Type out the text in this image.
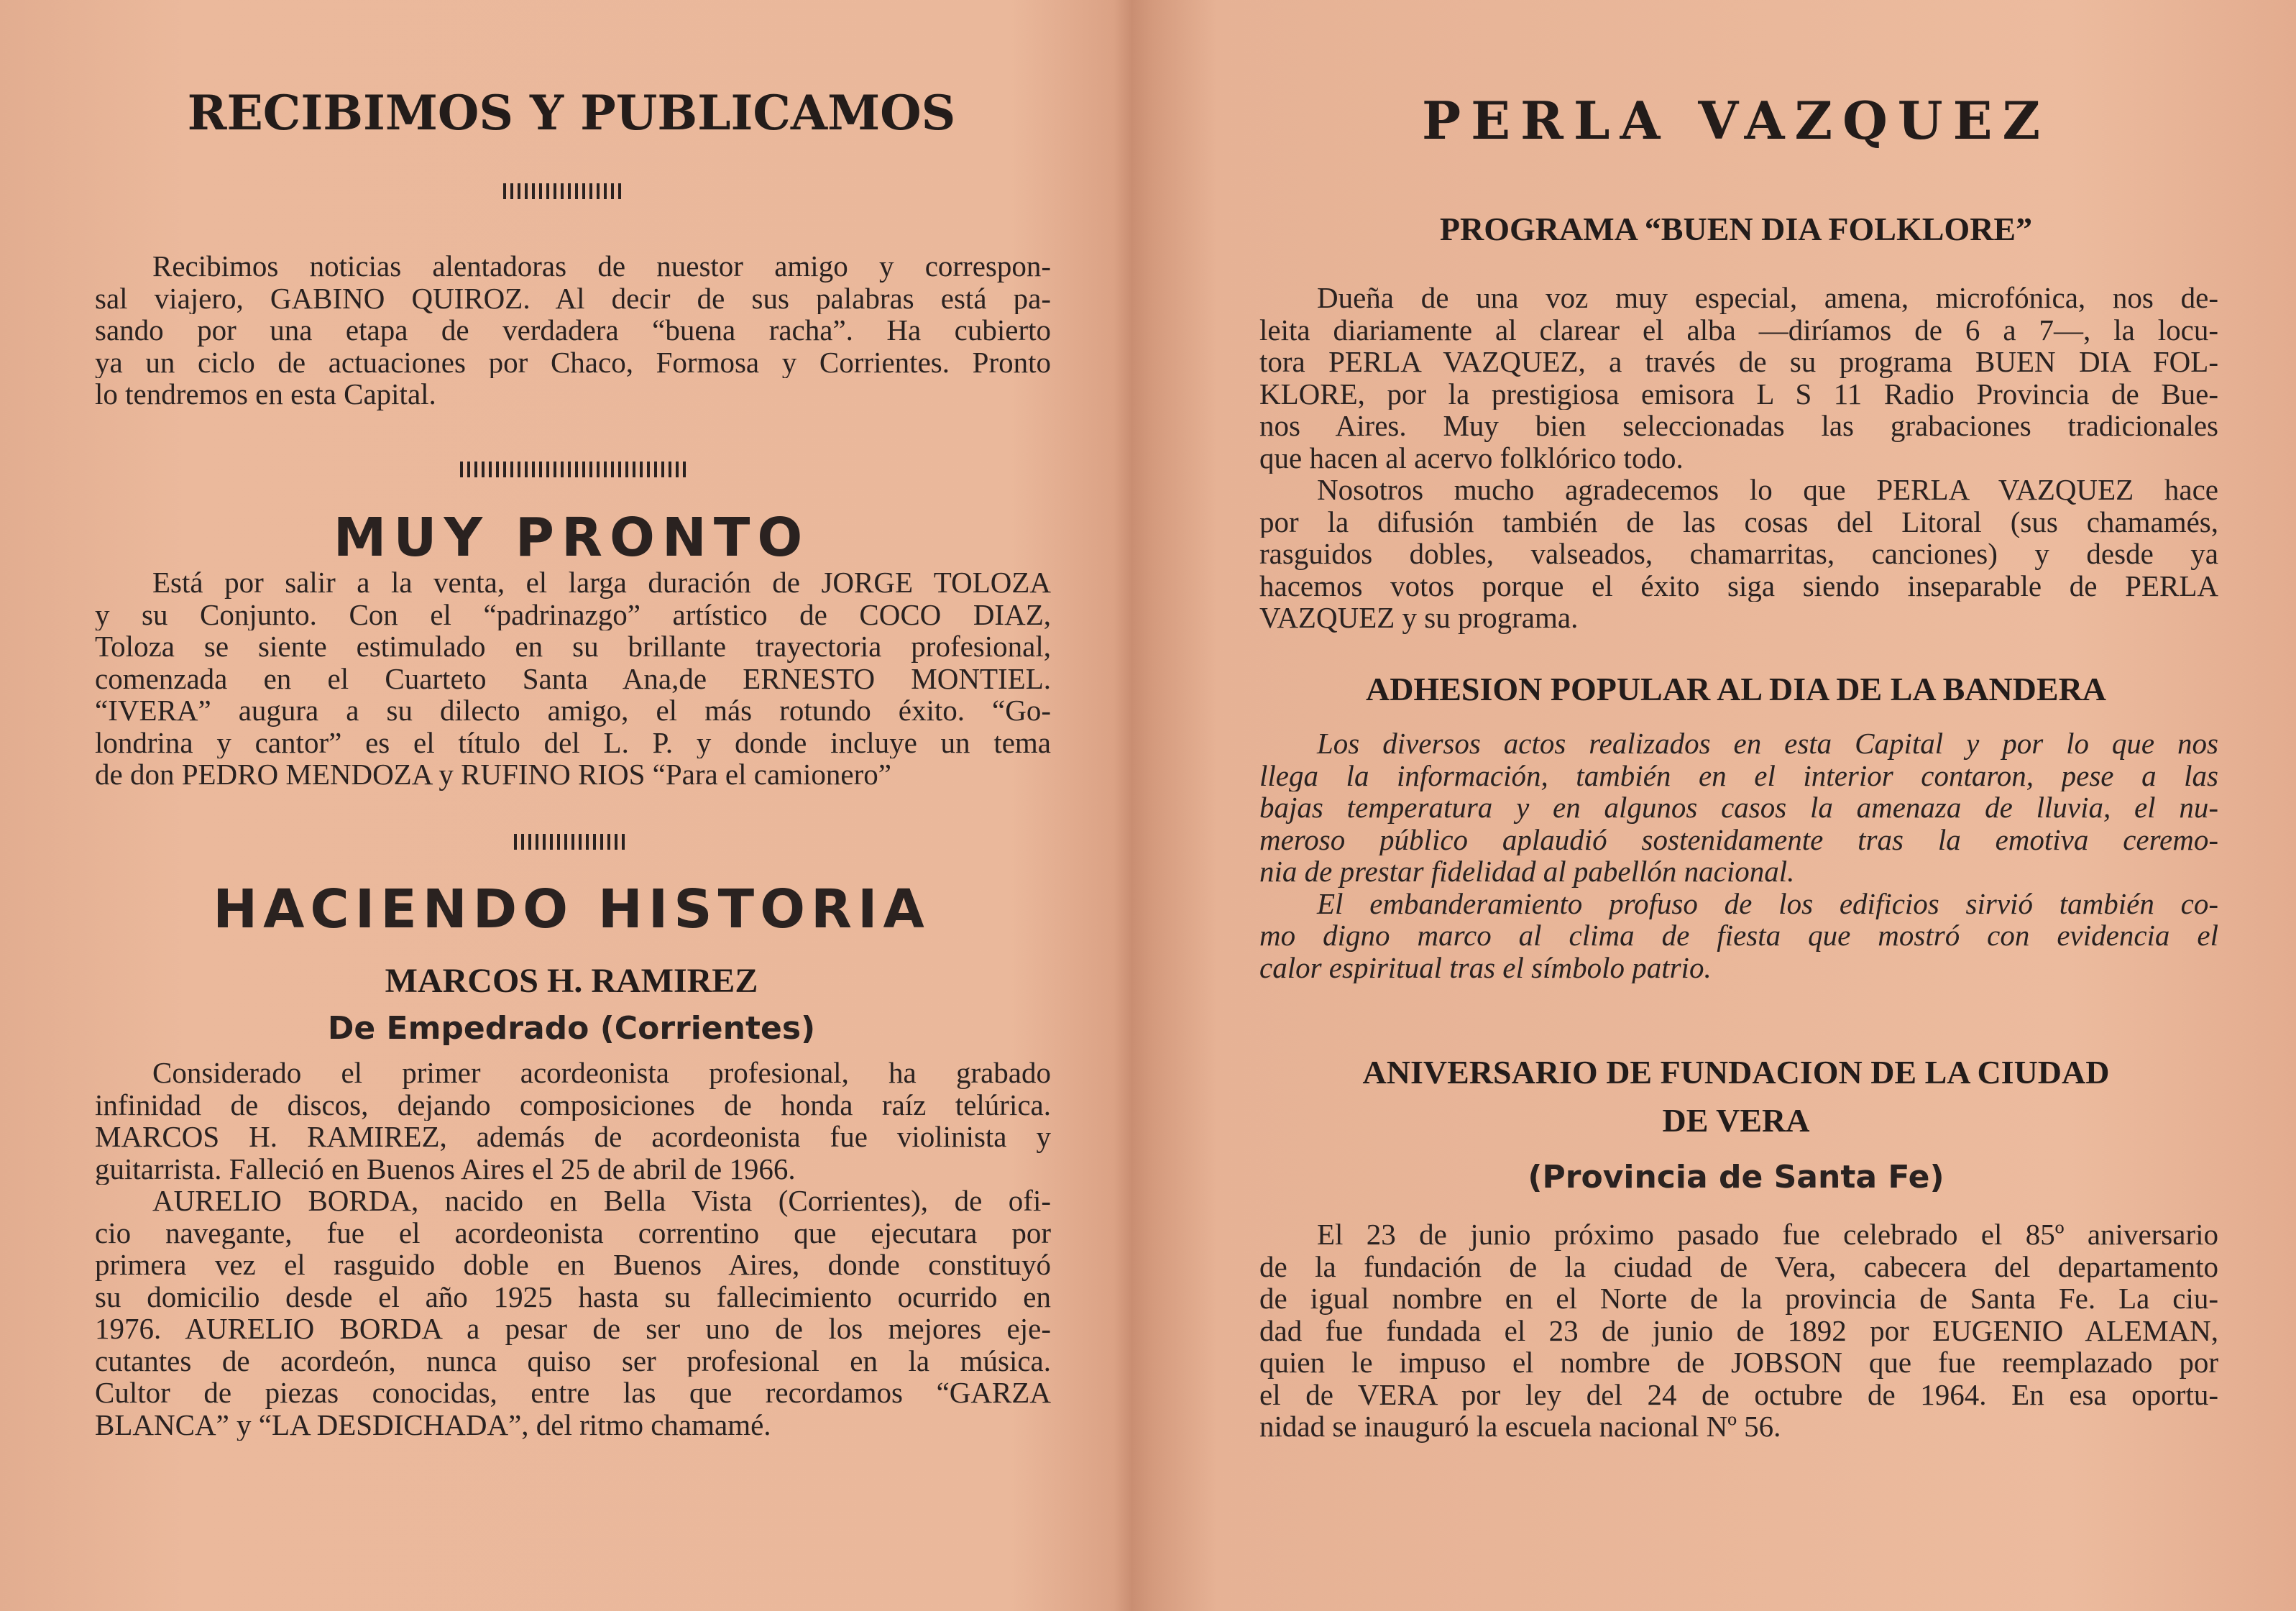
RECIBIMOS Y PUBLICAMOS
Recibimos noticias alentadoras de nuestor amigo y correspon-
sal viajero, GABINO QUIROZ. Al decir de sus palabras está pa-
sando por una etapa de verdadera “buena racha”. Ha cubierto
ya un ciclo de actuaciones por Chaco, Formosa y Corrientes. Pronto
lo tendremos en esta Capital.
MUY PRONTO
Está por salir a la venta, el larga duración de JORGE TOLOZA
y su Conjunto. Con el “padrinazgo” artístico de COCO DIAZ,
Toloza se siente estimulado en su brillante trayectoria profesional,
comenzada en el Cuarteto Santa Ana,de ERNESTO MONTIEL.
“IVERA” augura a su dilecto amigo, el más rotundo éxito. “Go-
londrina y cantor” es el título del L. P. y donde incluye un tema
de don PEDRO MENDOZA y RUFINO RIOS “Para el camionero”
HACIENDO HISTORIA
MARCOS H. RAMIREZ
De Empedrado (Corrientes)
Considerado el primer acordeonista profesional, ha grabado
infinidad de discos, dejando composiciones de honda raíz telúrica.
MARCOS H. RAMIREZ, además de acordeonista fue violinista y
guitarrista. Falleció en Buenos Aires el 25 de abril de 1966.
AURELIO BORDA, nacido en Bella Vista (Corrientes), de ofi-
cio navegante, fue el acordeonista correntino que ejecutara por
primera vez el rasguido doble en Buenos Aires, donde constituyó
su domicilio desde el año 1925 hasta su fallecimiento ocurrido en
1976. AURELIO BORDA a pesar de ser uno de los mejores eje-
cutantes de acordeón, nunca quiso ser profesional en la música.
Cultor de piezas conocidas, entre las que recordamos “GARZA
BLANCA” y “LA DESDICHADA”, del ritmo chamamé.
PERLA VAZQUEZ
PROGRAMA “BUEN DIA FOLKLORE”
Dueña de una voz muy especial, amena, microfónica, nos de-
leita diariamente al clarear el alba —diríamos de 6 a 7—, la locu-
tora PERLA VAZQUEZ, a través de su programa BUEN DIA FOL-
KLORE, por la prestigiosa emisora L S 11 Radio Provincia de Bue-
nos Aires. Muy bien seleccionadas las grabaciones tradicionales
que hacen al acervo folklórico todo.
Nosotros mucho agradecemos lo que PERLA VAZQUEZ hace
por la difusión también de las cosas del Litoral (sus chamamés,
rasguidos dobles, valseados, chamarritas, canciones) y desde ya
hacemos votos porque el éxito siga siendo inseparable de PERLA
VAZQUEZ y su programa.
ADHESION POPULAR AL DIA DE LA BANDERA
Los diversos actos realizados en esta Capital y por lo que nos
llega la información, también en el interior contaron, pese a las
bajas temperatura y en algunos casos la amenaza de lluvia, el nu-
meroso público aplaudió sostenidamente tras la emotiva ceremo-
nia de prestar fidelidad al pabellón nacional.
El embanderamiento profuso de los edificios sirvió también co-
mo digno marco al clima de fiesta que mostró con evidencia el
calor espiritual tras el símbolo patrio.
ANIVERSARIO DE FUNDACION DE LA CIUDAD
DE VERA
(Provincia de Santa Fe)
El 23 de junio próximo pasado fue celebrado el 85º aniversario
de la fundación de la ciudad de Vera, cabecera del departamento
de igual nombre en el Norte de la provincia de Santa Fe. La ciu-
dad fue fundada el 23 de junio de 1892 por EUGENIO ALEMAN,
quien le impuso el nombre de JOBSON que fue reemplazado por
el de VERA por ley del 24 de octubre de 1964. En esa oportu-
nidad se inauguró la escuela nacional Nº 56.
